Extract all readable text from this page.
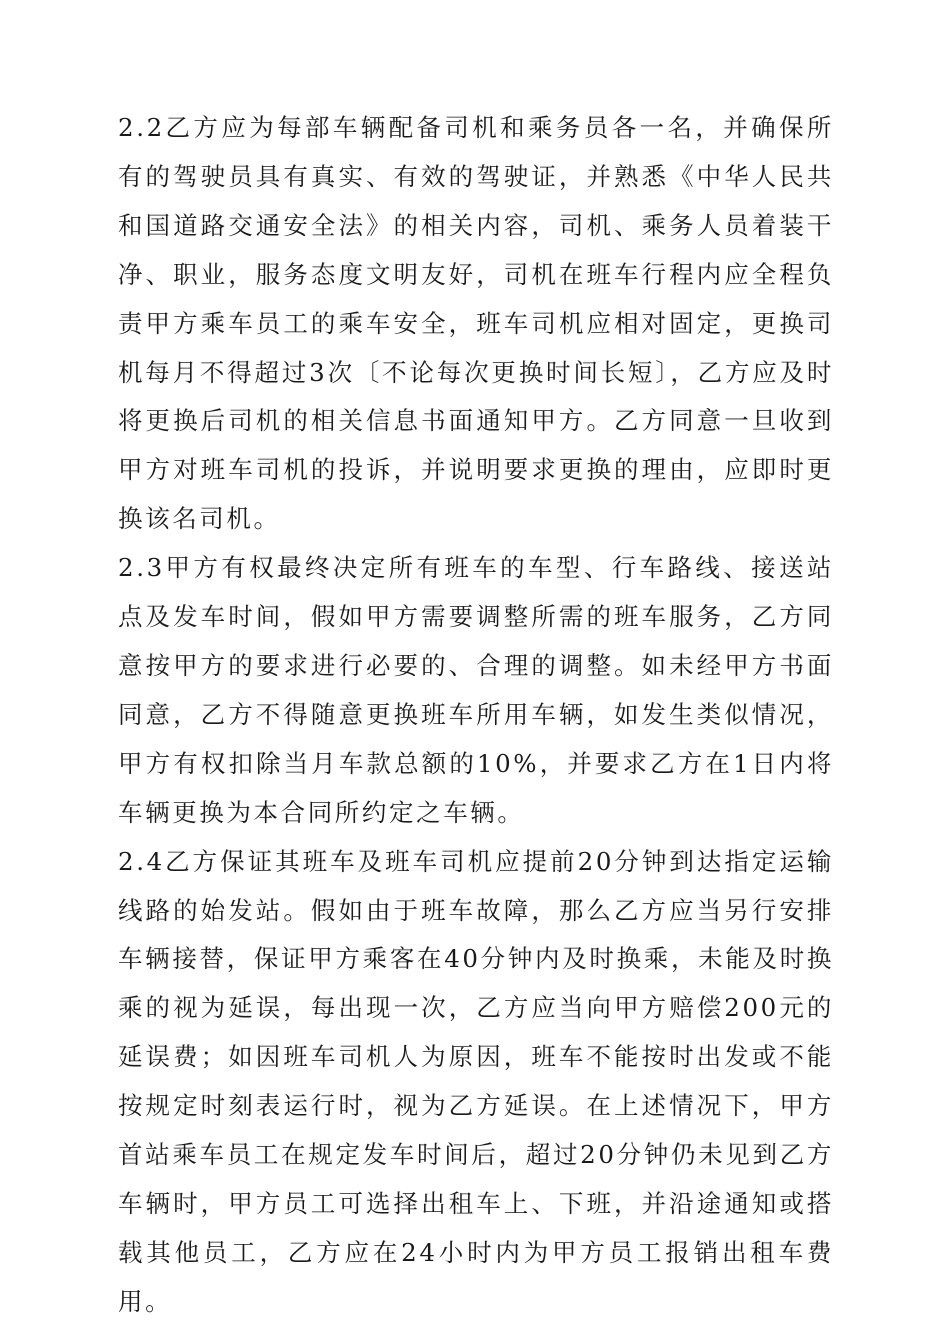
2.2乙方应为每部车辆配备司机和乘务员各一名，并确保所有的驾驶员具有真实、有效的驾驶证，并熟悉《中华人民共和国道路交通安全法》的相关内容，司机、乘务人员着装干净、职业，服务态度文明友好，司机在班车行程内应全程负责甲方乘车员工的乘车安全，班车司机应相对固定，更换司机每月不得超过3次〔不论每次更换时间长短〕，乙方应及时将更换后司机的相关信息书面通知甲方。乙方同意一旦收到甲方对班车司机的投诉，并说明要求更换的理由，应即时更换该名司机。

2.3甲方有权最终决定所有班车的车型、行车路线、接送站点及发车时间，假如甲方需要调整所需的班车服务，乙方同意按甲方的要求进行必要的、合理的调整。如未经甲方书面同意，乙方不得随意更换班车所用车辆，如发生类似情况，甲方有权扣除当月车款总额的10%，并要求乙方在1日内将车辆更换为本合同所约定之车辆。

2.4乙方保证其班车及班车司机应提前20分钟到达指定运输线路的始发站。假如由于班车故障，那么乙方应当另行安排车辆接替，保证甲方乘客在40分钟内及时换乘，未能及时换乘的视为延误，每出现一次，乙方应当向甲方赔偿200元的延误费；如因班车司机人为原因，班车不能按时出发或不能按规定时刻表运行时，视为乙方延误。在上述情况下，甲方首站乘车员工在规定发车时间后，超过20分钟仍未见到乙方车辆时，甲方员工可选择出租车上、下班，并沿途通知或搭载其他员工，乙方应在24小时内为甲方员工报销出租车费用。
